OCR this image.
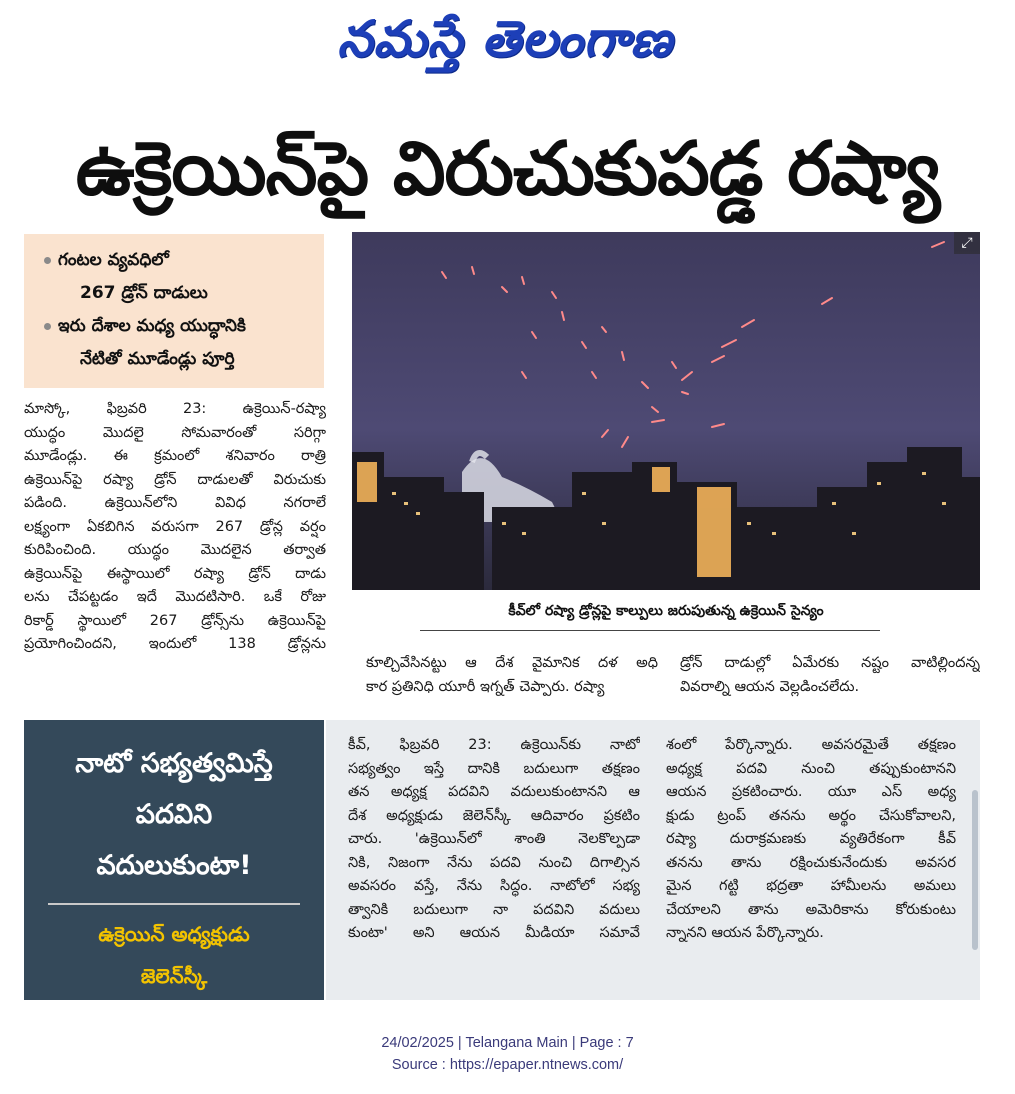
నమస్తే తెలంగాణ
ఉక్రెయిన్‌పై విరుచుకుపడ్డ రష్యా
గంటల వ్యవధిలో
267 డ్రోన్ దాడులు
ఇరు దేశాల మధ్య యుద్ధానికి
నేటితో మూడేండ్లు పూర్తి
⤢
కీవ్‌లో రష్యా డ్రోన్లపై కాల్పులు జరుపుతున్న ఉక్రెయిన్ సైన్యం
మాస్కో, ఫిబ్రవరి 23: ఉక్రెయిన్-రష్యా
యుద్ధం మొదలై సోమవారంతో సరిగ్గా
మూడేండ్లు. ఈ క్రమంలో శనివారం రాత్రి
ఉక్రెయిన్‌పై రష్యా డ్రోన్ దాడులతో విరుచుకు
పడింది. ఉక్రెయిన్‌లోని వివిధ నగరాలే
లక్ష్యంగా ఏకబిగిన వరుసగా 267 డ్రోన్ల వర్షం
కురిపించింది. యుద్ధం మొదలైన తర్వాత
ఉక్రెయిన్‌పై ఈస్థాయిలో రష్యా డ్రోన్ దాడు
లను చేపట్టడం ఇదే మొదటిసారి. ఒకే రోజు
రికార్డ్ స్థాయిలో 267 డ్రోన్స్‌ను ఉక్రెయిన్‌పై
ప్రయోగించిందని, ఇందులో 138 డ్రోన్లను
కూల్చివేసినట్టు ఆ దేశ వైమానిక దళ అధి
కార ప్రతినిధి యూరీ ఇగ్నత్ చెప్పారు. రష్యా
డ్రోన్ దాడుల్లో ఏమేరకు నష్టం వాటిల్లిందన్న
వివరాల్ని ఆయన వెల్లడించలేదు.
నాటో సభ్యత్వమిస్తే
పదవిని
వదులుకుంటా!
ఉక్రెయిన్ అధ్యక్షుడు
జెలెన్‌స్కీ
కీవ్, ఫిబ్రవరి 23: ఉక్రెయిన్‌కు నాటో
సభ్యత్వం ఇస్తే దానికి బదులుగా తక్షణం
తన అధ్యక్ష పదవిని వదులుకుంటానని ఆ
దేశ అధ్యక్షుడు జెలెన్‌స్కీ ఆదివారం ప్రకటిం
చారు. 'ఉక్రెయిన్‌లో శాంతి నెలకొల్పడా
నికి, నిజంగా నేను పదవి నుంచి దిగాల్సిన
అవసరం వస్తే, నేను సిద్ధం. నాటోలో సభ్య
త్వానికి బదులుగా నా పదవిని వదులు
కుంటా' అని ఆయన మీడియా సమావే
శంలో పేర్కొన్నారు. అవసరమైతే తక్షణం
అధ్యక్ష పదవి నుంచి తప్పుకుంటానని
ఆయన ప్రకటించారు. యూ ఎస్ అధ్య
క్షుడు ట్రంప్ తనను అర్థం చేసుకోవాలని,
రష్యా దురాక్రమణకు వ్యతిరేకంగా కీవ్
తనను తాను రక్షించుకునేందుకు అవసర
మైన గట్టి భద్రతా హామీలను అమలు
చేయాలని తాను అమెరికాను కోరుకుంటు
న్నానని ఆయన పేర్కొన్నారు.
24/02/2025 | Telangana Main | Page : 7
Source : https://epaper.ntnews.com/
